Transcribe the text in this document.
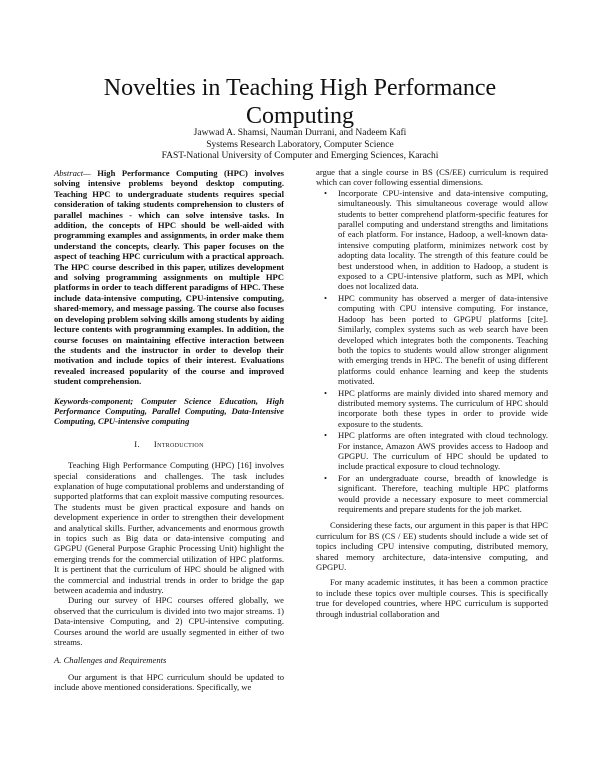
Novelties in Teaching High Performance Computing
Jawwad A. Shamsi, Nauman Durrani, and Nadeem Kafi
Systems Research Laboratory, Computer Science
FAST-National University of Computer and Emerging Sciences, Karachi

Abstract— High Performance Computing (HPC) involves solving intensive problems beyond desktop computing. Teaching HPC to undergraduate students requires special consideration of taking students comprehension to clusters of parallel machines - which can solve intensive tasks. In addition, the concepts of HPC should be well-aided with programming examples and assignments, in order make them understand the concepts, clearly. This paper focuses on the aspect of teaching HPC curriculum with a practical approach. The HPC course described in this paper, utilizes development and solving programming assignments on multiple HPC platforms in order to teach different paradigms of HPC. These include data-intensive computing, CPU-intensive computing, shared-memory, and message passing. The course also focuses on developing problem solving skills among students by aiding lecture contents with programming examples. In addition, the course focuses on maintaining effective interaction between the students and the instructor in order to develop their motivation and include topics of their interest. Evaluations revealed increased popularity of the course and improved student comprehension.

Keywords-component; Computer Science Education, High Performance Computing, Parallel Computing, Data-Intensive Computing, CPU-intensive computing

I. Introduction

Teaching High Performance Computing (HPC) [16] involves special considerations and challenges. The task includes explanation of huge computational problems and understanding of supported platforms that can exploit massive computing resources. The students must be given practical exposure and hands on development experience in order to strengthen their development and analytical skills. Further, advancements and enormous growth in topics such as Big data or data-intensive computing and GPGPU (General Purpose Graphic Processing Unit) highlight the emerging trends for the commercial utilization of HPC platforms. It is pertinent that the curriculum of HPC should be aligned with the commercial and industrial trends in order to bridge the gap between academia and industry.

During our survey of HPC courses offered globally, we observed that the curriculum is divided into two major streams. 1) Data-intensive Computing, and 2) CPU-intensive computing. Courses around the world are usually segmented in either of two streams.

A. Challenges and Requirements

Our argument is that HPC curriculum should be updated to include above mentioned considerations. Specifically, we

argue that a single course in BS (CS/EE) curriculum is required which can cover following essential dimensions.

• Incorporate CPU-intensive and data-intensive computing, simultaneously. This simultaneous coverage would allow students to better comprehend platform-specific features for parallel computing and understand strengths and limitations of each platform. For instance, Hadoop, a well-known data-intensive computing platform, minimizes network cost by adopting data locality. The strength of this feature could be best understood when, in addition to Hadoop, a student is exposed to a CPU-intensive platform, such as MPI, which does not localized data.
• HPC community has observed a merger of data-intensive computing with CPU intensive computing. For instance, Hadoop has been ported to GPGPU platforms [cite]. Similarly, complex systems such as web search have been developed which integrates both the components. Teaching both the topics to students would allow stronger alignment with emerging trends in HPC. The benefit of using different platforms could enhance learning and keep the students motivated.
• HPC platforms are mainly divided into shared memory and distributed memory systems. The curriculum of HPC should incorporate both these types in order to provide wide exposure to the students.
• HPC platforms are often integrated with cloud technology. For instance, Amazon AWS provides access to Hadoop and GPGPU. The curriculum of HPC should be updated to include practical exposure to cloud technology.
• For an undergraduate course, breadth of knowledge is significant. Therefore, teaching multiple HPC platforms would provide a necessary exposure to meet commercial requirements and prepare students for the job market.

Considering these facts, our argument in this paper is that HPC curriculum for BS (CS / EE) students should include a wide set of topics including CPU intensive computing, distributed memory, shared memory architecture, data-intensive computing, and GPGPU.

For many academic institutes, it has been a common practice to include these topics over multiple courses. This is specifically true for developed countries, where HPC curriculum is supported through industrial collaboration and
